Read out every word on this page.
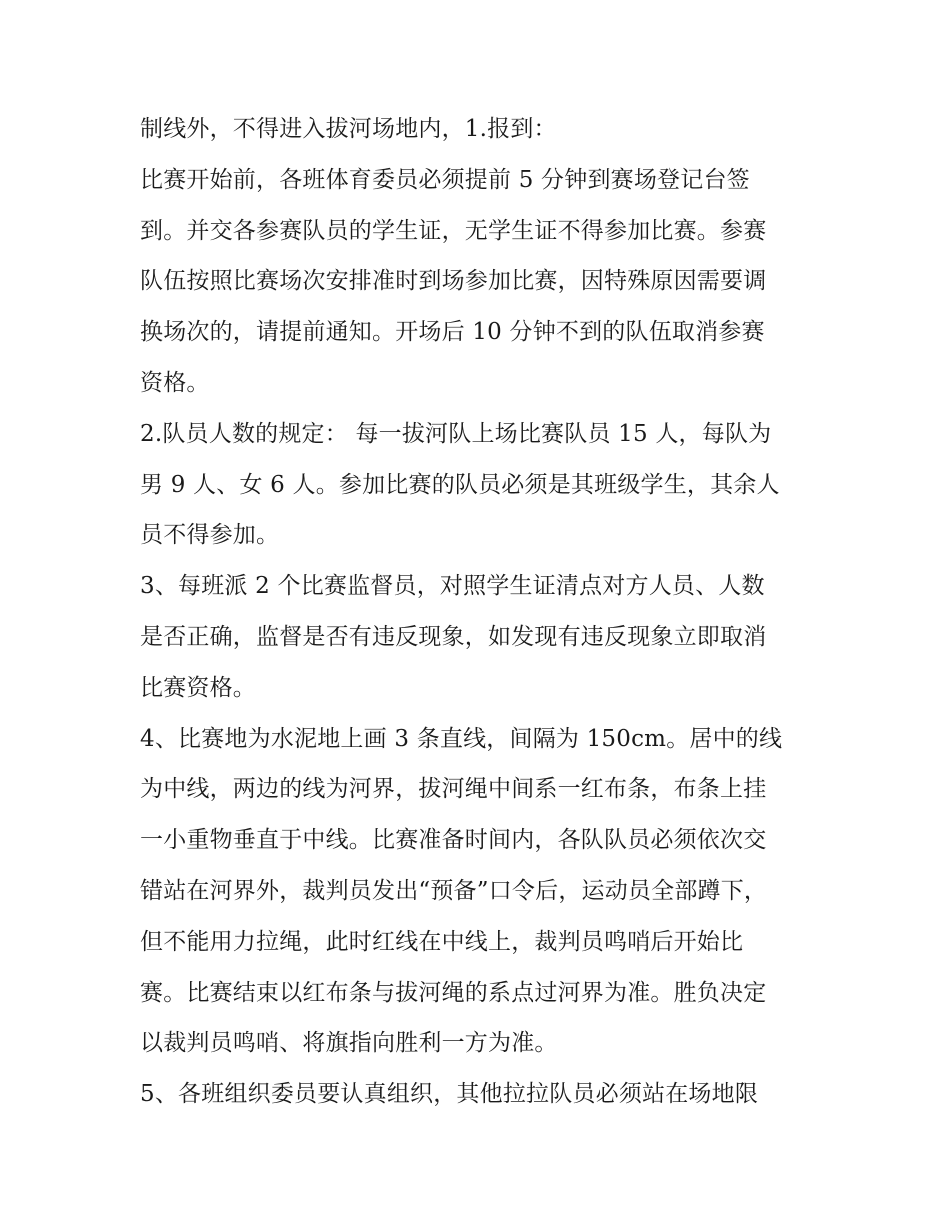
制线外，不得进入拔河场地内，1.报到：
比赛开始前，各班体育委员必须提前 5 分钟到赛场登记台签
到。并交各参赛队员的学生证，无学生证不得参加比赛。参赛
队伍按照比赛场次安排准时到场参加比赛，因特殊原因需要调
换场次的，请提前通知。开场后 10 分钟不到的队伍取消参赛
资格。
2.队员人数的规定： 每一拔河队上场比赛队员 15 人，每队为
男 9 人、女 6 人。参加比赛的队员必须是其班级学生，其余人
员不得参加。
3、每班派 2 个比赛监督员，对照学生证清点对方人员、人数
是否正确，监督是否有违反现象，如发现有违反现象立即取消
比赛资格。
4、比赛地为水泥地上画 3 条直线，间隔为 150cm。居中的线
为中线，两边的线为河界，拔河绳中间系一红布条，布条上挂
一小重物垂直于中线。比赛准备时间内，各队队员必须依次交
错站在河界外，裁判员发出“预备”口令后，运动员全部蹲下，
但不能用力拉绳，此时红线在中线上，裁判员鸣哨后开始比
赛。比赛结束以红布条与拔河绳的系点过河界为准。胜负决定
以裁判员鸣哨、将旗指向胜利一方为准。
5、各班组织委员要认真组织，其他拉拉队员必须站在场地限
